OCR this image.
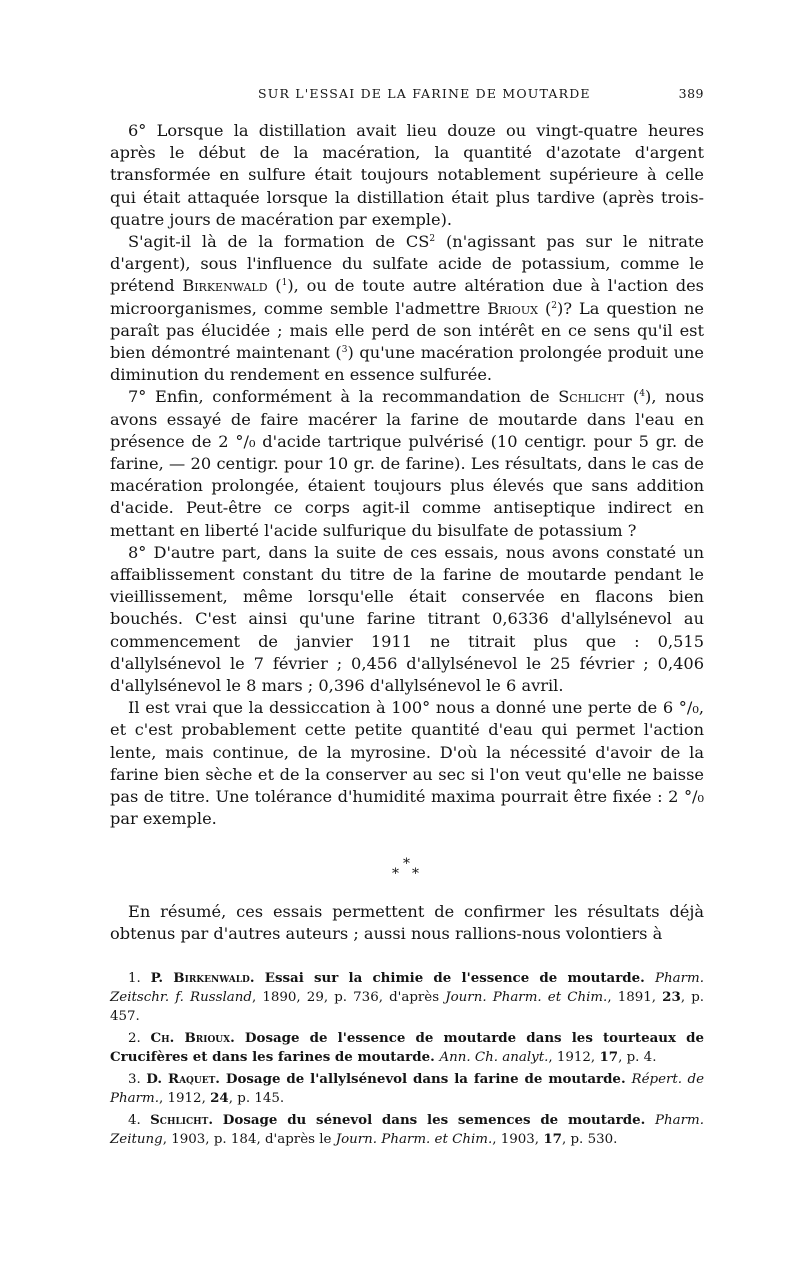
SUR L'ESSAI DE LA FARINE DE MOUTARDE	389

6° Lorsque la distillation avait lieu douze ou vingt-quatre heures après le début de la macération, la quantité d'azotate d'argent transformée en sulfure était toujours notablement supérieure à celle qui était attaquée lorsque la distillation était plus tardive (après trois-quatre jours de macération par exemple).

S'agit-il là de la formation de $CS^2$ (n'agissant pas sur le nitrate d'argent), sous l'influence du sulfate acide de potassium, comme le prétend Birkenwald ($^1$), ou de toute autre altération due à l'action des microorganismes, comme semble l'admettre Brioux ($^2$)? La question ne paraît pas élucidée ; mais elle perd de son intérêt en ce sens qu'il est bien démontré maintenant ($^3$) qu'une macération prolongée produit une diminution du rendement en essence sulfurée.

7° Enfin, conformément à la recommandation de Schlicht ($^4$), nous avons essayé de faire macérer la farine de moutarde dans l'eau en présence de 2 °/₀ d'acide tartrique pulvérisé (10 centigr. pour 5 gr. de farine, — 20 centigr. pour 10 gr. de farine). Les résultats, dans le cas de macération prolongée, étaient toujours plus élevés que sans addition d'acide. Peut-être ce corps agit-il comme antiseptique indirect en mettant en liberté l'acide sulfurique du bisulfate de potassium ?

8° D'autre part, dans la suite de ces essais, nous avons constaté un affaiblissement constant du titre de la farine de moutarde pendant le vieillissement, même lorsqu'elle était conservée en flacons bien bouchés. C'est ainsi qu'une farine titrant 0,6336 d'allylsénevol au commencement de janvier 1911 ne titrait plus que : 0,515 d'allylsénevol le 7 février ; 0,456 d'allylsénevol le 25 février ; 0,406 d'allylsénevol le 8 mars ; 0,396 d'allylsénevol le 6 avril.

Il est vrai que la dessiccation à 100° nous a donné une perte de 6 °/₀, et c'est probablement cette petite quantité d'eau qui permet l'action lente, mais continue, de la myrosine. D'où la nécessité d'avoir de la farine bien sèche et de la conserver au sec si l'on veut qu'elle ne baisse pas de titre. Une tolérance d'humidité maxima pourrait être fixée : 2 °/₀ par exemple.

*
* *

En résumé, ces essais permettent de confirmer les résultats déjà obtenus par d'autres auteurs ; aussi nous rallions-nous volontiers à

1. P. Birkenwald. Essai sur la chimie de l'essence de moutarde. Pharm. Zeitschr. f. Russland, 1890, 29, p. 736, d'après Journ. Pharm. et Chim., 1891, 23, p. 457.

2. Ch. Brioux. Dosage de l'essence de moutarde dans les tourteaux de Crucifères et dans les farines de moutarde. Ann. Ch. analyt., 1912, 17, p. 4.

3. D. Raquet. Dosage de l'allylsénevol dans la farine de moutarde. Répert. de Pharm., 1912, 24, p. 145.

4. Schlicht. Dosage du sénevol dans les semences de moutarde. Pharm. Zeitung, 1903, p. 184, d'après le Journ. Pharm. et Chim., 1903, 17, p. 530.
